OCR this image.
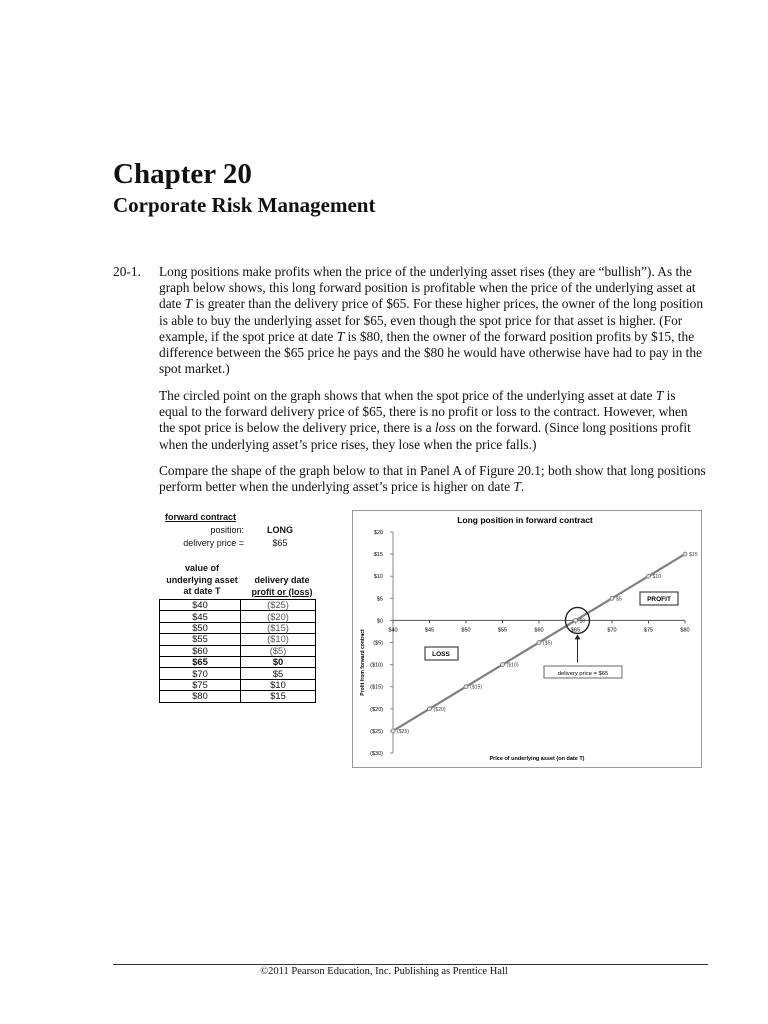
Chapter 20
Corporate Risk Management
20-1. Long positions make profits when the price of the underlying asset rises (they are “bullish”). As the graph below shows, this long forward position is profitable when the price of the underlying asset at date T is greater than the delivery price of $65. For these higher prices, the owner of the long position is able to buy the underlying asset for $65, even though the spot price for that asset is higher. (For example, if the spot price at date T is $80, then the owner of the forward position profits by $15, the difference between the $65 price he pays and the $80 he would have otherwise have had to pay in the spot market.)

The circled point on the graph shows that when the spot price of the underlying asset at date T is equal to the forward delivery price of $65, there is no profit or loss to the contract. However, when the spot price is below the delivery price, there is a loss on the forward. (Since long positions profit when the underlying asset’s price rises, they lose when the price falls.)

Compare the shape of the graph below to that in Panel A of Figure 20.1; both show that long positions perform better when the underlying asset’s price is higher on date T.

forward contract
position:	LONG
delivery price =	$65
value of
underlying asset
at date T
delivery date
profit or (loss)
$40	($25)
$45	($20)
$50	($15)
$55	($10)
$60	($5)
$65	$0
$70	$5
$75	$10
$80	$15
Long position in forward contract
$20
$15
$10
$5
$0
($5)
($10)
($15)
($20)
($25)
($30)
$40	$45	$50	$55	$60	$65	$70	$75	$80
Price of underlying asset (on date T)
Profit from forward contract
($25)
($20)
($15)
($10)
($5)
$0
$5
$10
$15
delivery price = $65
PROFIT
LOSS
©2011 Pearson Education, Inc. Publishing as Prentice Hall
